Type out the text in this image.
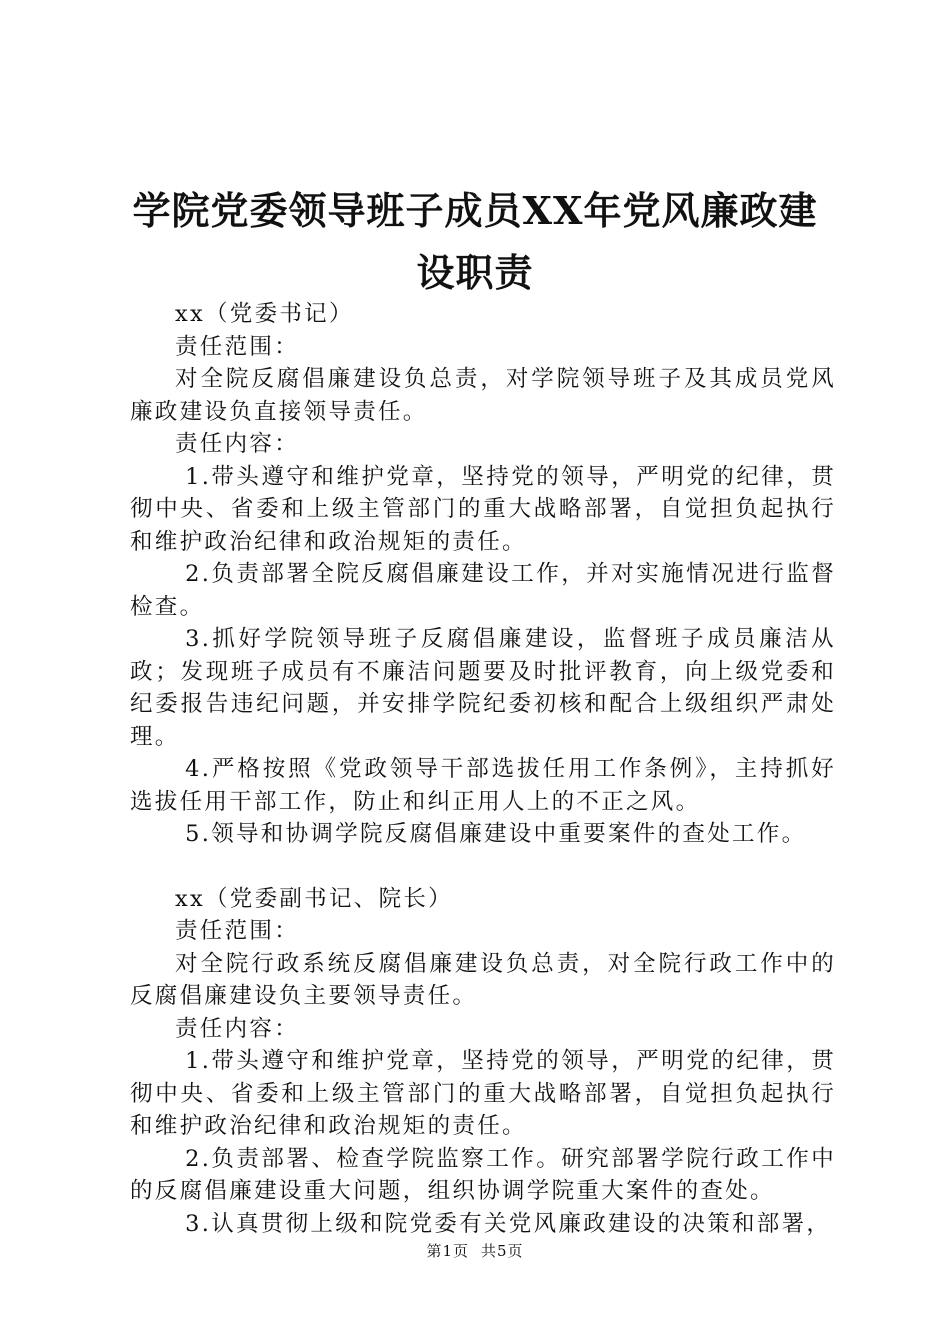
学院党委领导班子成员XX年党风廉政建设职责

xx（党委书记）

责任范围：

对全院反腐倡廉建设负总责，对学院领导班子及其成员党风廉政建设负直接领导责任。

责任内容：

1.带头遵守和维护党章，坚持党的领导，严明党的纪律，贯彻中央、省委和上级主管部门的重大战略部署，自觉担负起执行和维护政治纪律和政治规矩的责任。

2.负责部署全院反腐倡廉建设工作，并对实施情况进行监督检查。

3.抓好学院领导班子反腐倡廉建设，监督班子成员廉洁从政；发现班子成员有不廉洁问题要及时批评教育，向上级党委和纪委报告违纪问题，并安排学院纪委初核和配合上级组织严肃处理。

4.严格按照《党政领导干部选拔任用工作条例》，主持抓好选拔任用干部工作，防止和纠正用人上的不正之风。

5.领导和协调学院反腐倡廉建设中重要案件的查处工作。

xx（党委副书记、院长）

责任范围：

对全院行政系统反腐倡廉建设负总责，对全院行政工作中的反腐倡廉建设负主要领导责任。

责任内容：

1.带头遵守和维护党章，坚持党的领导，严明党的纪律，贯彻中央、省委和上级主管部门的重大战略部署，自觉担负起执行和维护政治纪律和政治规矩的责任。

2.负责部署、检查学院监察工作。研究部署学院行政工作中的反腐倡廉建设重大问题，组织协调学院重大案件的查处。

3.认真贯彻上级和院党委有关党风廉政建设的决策和部署，

第1页 共5页
